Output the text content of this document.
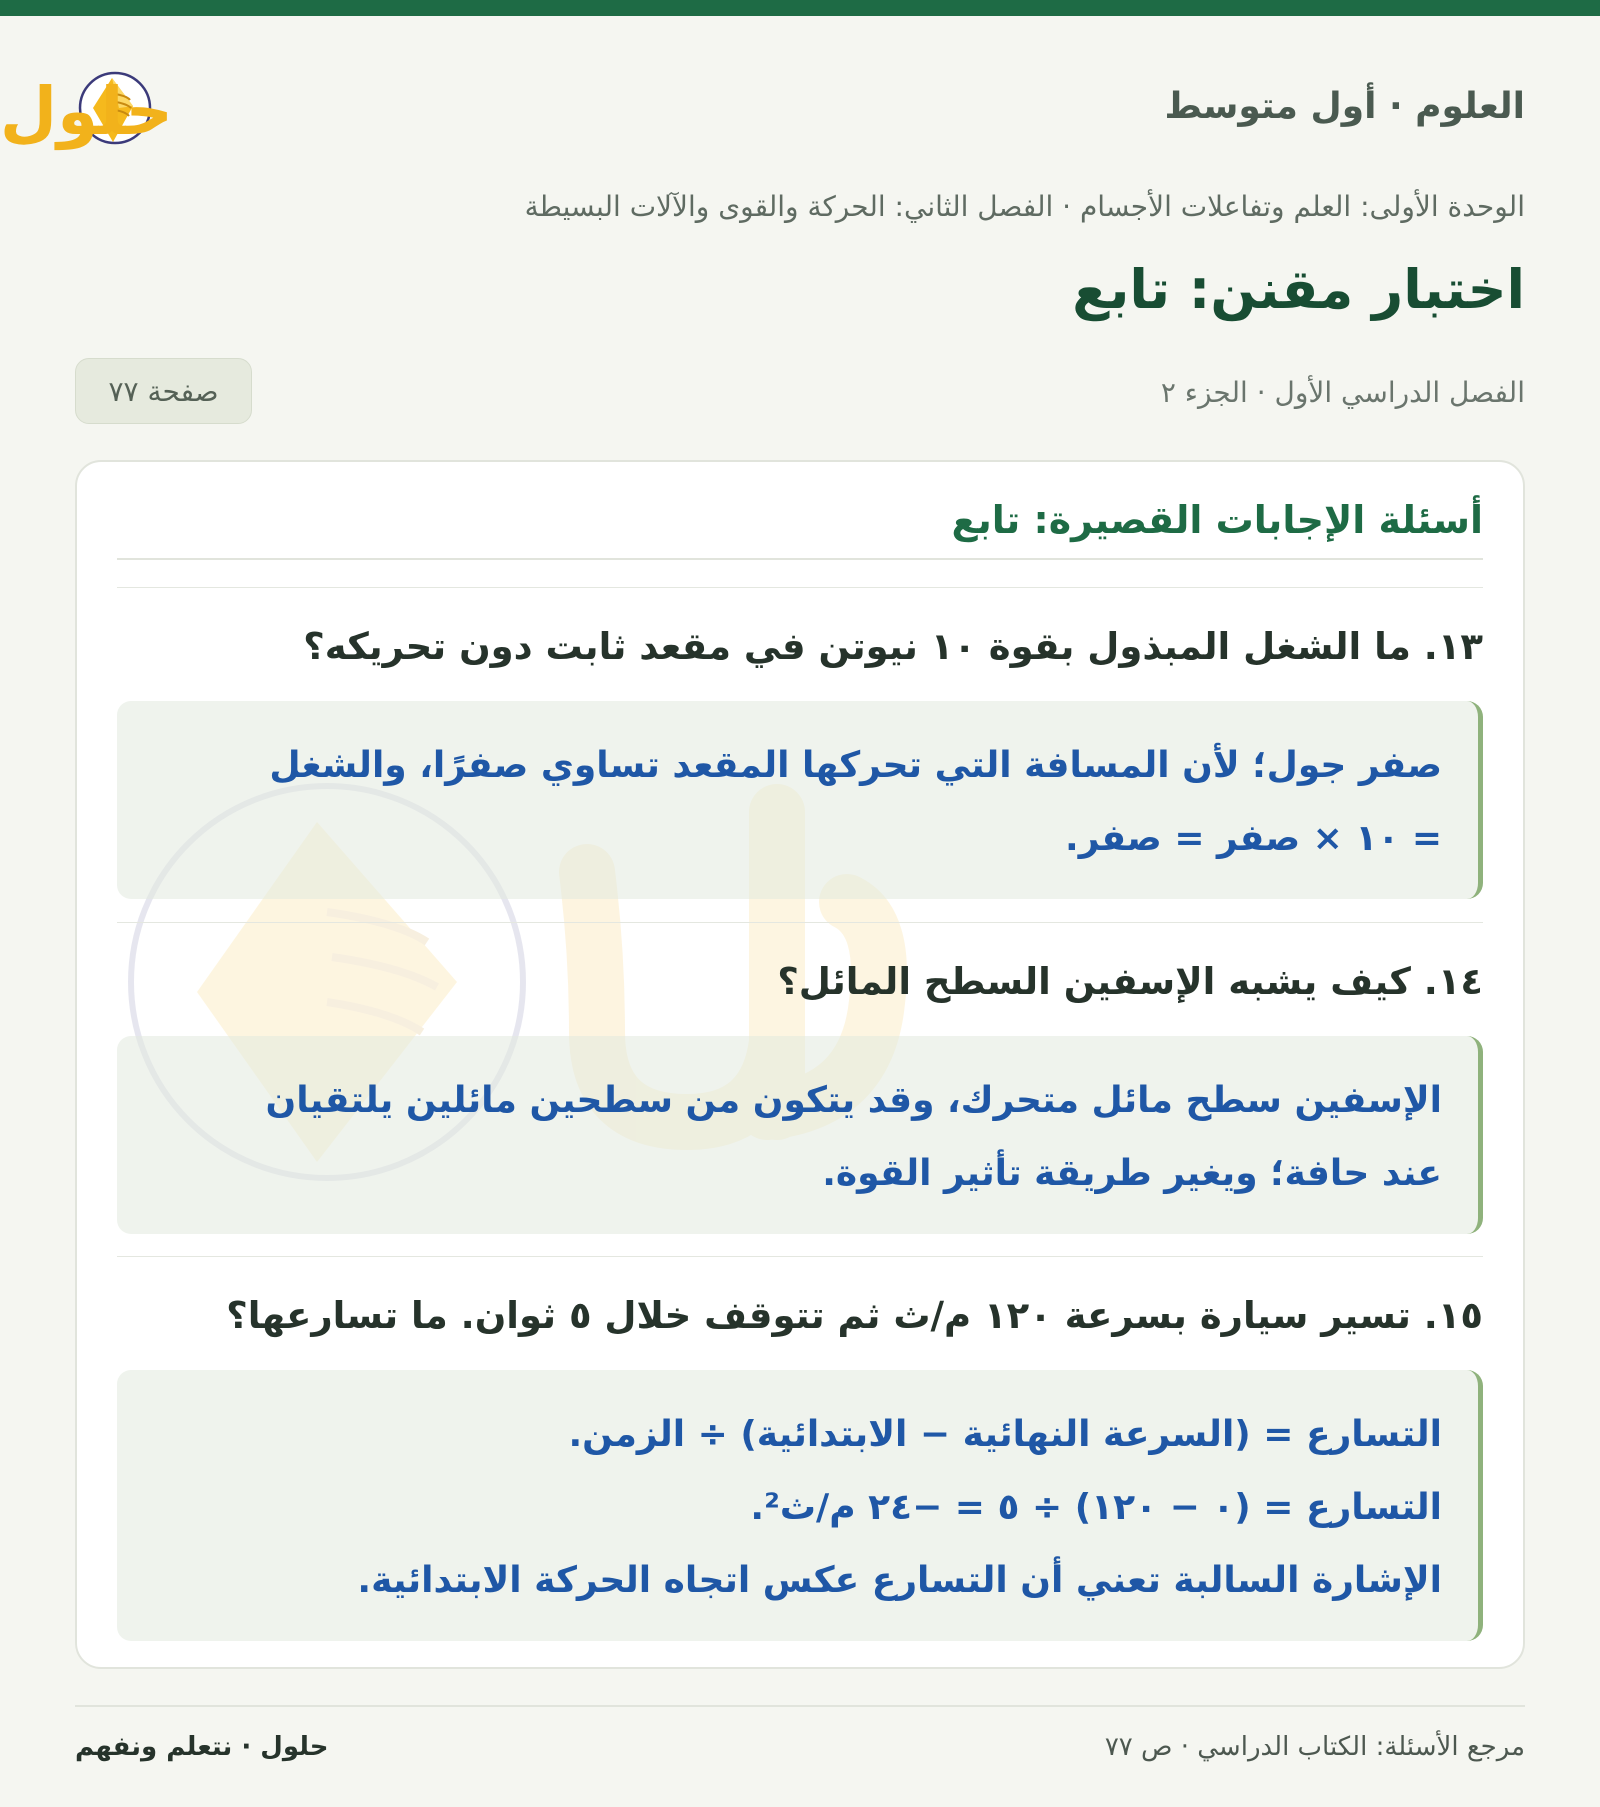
العلوم · أول متوسط
حلول
الوحدة الأولى: العلم وتفاعلات الأجسام · الفصل الثاني: الحركة والقوى والآلات البسيطة
اختبار مقنن: تابع
الفصل الدراسي الأول · الجزء ٢
صفحة ٧٧
أسئلة الإجابات القصيرة: تابع
١٣. ما الشغل المبذول بقوة ١٠ نيوتن في مقعد ثابت دون تحريكه؟
صفر جول؛ لأن المسافة التي تحركها المقعد تساوي صفرًا، والشغل
= ١٠ × صفر = صفر.
١٤. كيف يشبه الإسفين السطح المائل؟
الإسفين سطح مائل متحرك، وقد يتكون من سطحين مائلين يلتقيان
عند حافة؛ ويغير طريقة تأثير القوة.
١٥. تسير سيارة بسرعة ١٢٠ م/ث ثم تتوقف خلال ٥ ثوان. ما تسارعها؟
التسارع = (السرعة النهائية − الابتدائية) ÷ الزمن.
التسارع = (٠ − ١٢٠) ÷ ٥ = −٢٤ م/ث².
الإشارة السالبة تعني أن التسارع عكس اتجاه الحركة الابتدائية.
مرجع الأسئلة: الكتاب الدراسي · ص ٧٧
حلول · نتعلم ونفهم
